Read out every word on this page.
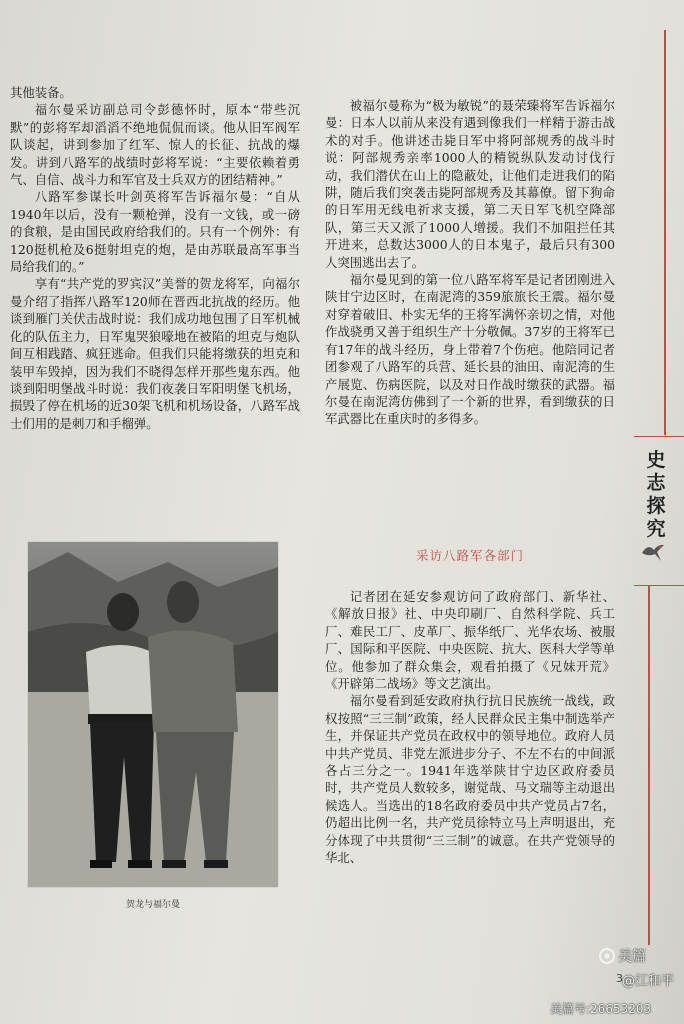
其他装备。

福尔曼采访副总司令彭德怀时，原本“带些沉默”的彭将军却滔滔不绝地侃侃而谈。他从旧军阀军队谈起，讲到参加了红军、惊人的长征、抗战的爆发。讲到八路军的战绩时彭将军说：“主要依赖着勇气、自信、战斗力和军官及士兵双方的团结精神。”

八路军参谋长叶剑英将军告诉福尔曼：“自从1940年以后，没有一颗枪弹，没有一文钱，或一磅的食粮，是由国民政府给我们的。只有一个例外：有120挺机枪及6挺射坦克的炮，是由苏联最高军事当局给我们的。”

享有“共产党的罗宾汉”美誉的贺龙将军，向福尔曼介绍了指挥八路军120师在晋西北抗战的经历。他谈到雁门关伏击战时说：我们成功地包围了日军机械化的队伍主力，日军鬼哭狼嚎地在被陷的坦克与炮队间互相践踏、疯狂逃命。但我们只能将缴获的坦克和装甲车毁掉，因为我们不晓得怎样开那些鬼东西。他谈到阳明堡战斗时说：我们夜袭日军阳明堡飞机场，损毁了停在机场的近30架飞机和机场设备，八路军战士们用的是刺刀和手榴弹。

贺龙与福尔曼

被福尔曼称为“极为敏锐”的聂荣臻将军告诉福尔曼：日本人以前从来没有遇到像我们一样精于游击战术的对手。他讲述击毙日军中将阿部规秀的战斗时说：阿部规秀亲率1000人的精锐纵队发动讨伐行动，我们潜伏在山上的隐蔽处，让他们走进我们的陷阱，随后我们突袭击毙阿部规秀及其幕僚。留下狗命的日军用无线电祈求支援，第二天日军飞机空降部队，第三天又派了1000人增援。我们不加阻拦任其开进来，总数达3000人的日本鬼子，最后只有300人突围逃出去了。

福尔曼见到的第一位八路军将军是记者团刚进入陕甘宁边区时，在南泥湾的359旅旅长王震。福尔曼对穿着破旧、朴实无华的王将军满怀亲切之情，对他作战骁勇又善于组织生产十分敬佩。37岁的王将军已有17年的战斗经历，身上带着7个伤疤。他陪同记者团参观了八路军的兵营、延长县的油田、南泥湾的生产展览、伤病医院，以及对日作战时缴获的武器。福尔曼在南泥湾仿佛到了一个新的世界，看到缴获的日军武器比在重庆时的多得多。

采访八路军各部门

记者团在延安参观访问了政府部门、新华社、《解放日报》社、中央印刷厂、自然科学院、兵工厂、难民工厂、皮革厂、振华纸厂、光华农场、被服厂、国际和平医院、中央医院、抗大、医科大学等单位。他参加了群众集会，观看拍摄了《兄妹开荒》《开辟第二战场》等文艺演出。

福尔曼看到延安政府执行抗日民族统一战线，政权按照“三三制”政策，经人民群众民主集中制选举产生，并保证共产党员在政权中的领导地位。政府人员中共产党员、非党左派进步分子、不左不右的中间派各占三分之一。1941年选举陕甘宁边区政府委员时，共产党员人数较多，谢觉哉、马文瑞等主动退出候选人。当选出的18名政府委员中共产党员占7名，仍超出比例一名，共产党员徐特立马上声明退出，充分体现了中共贯彻“三三制”的诚意。在共产党领导的华北、

史志探究
美篇
3 @江和平
美篇号:26653203
